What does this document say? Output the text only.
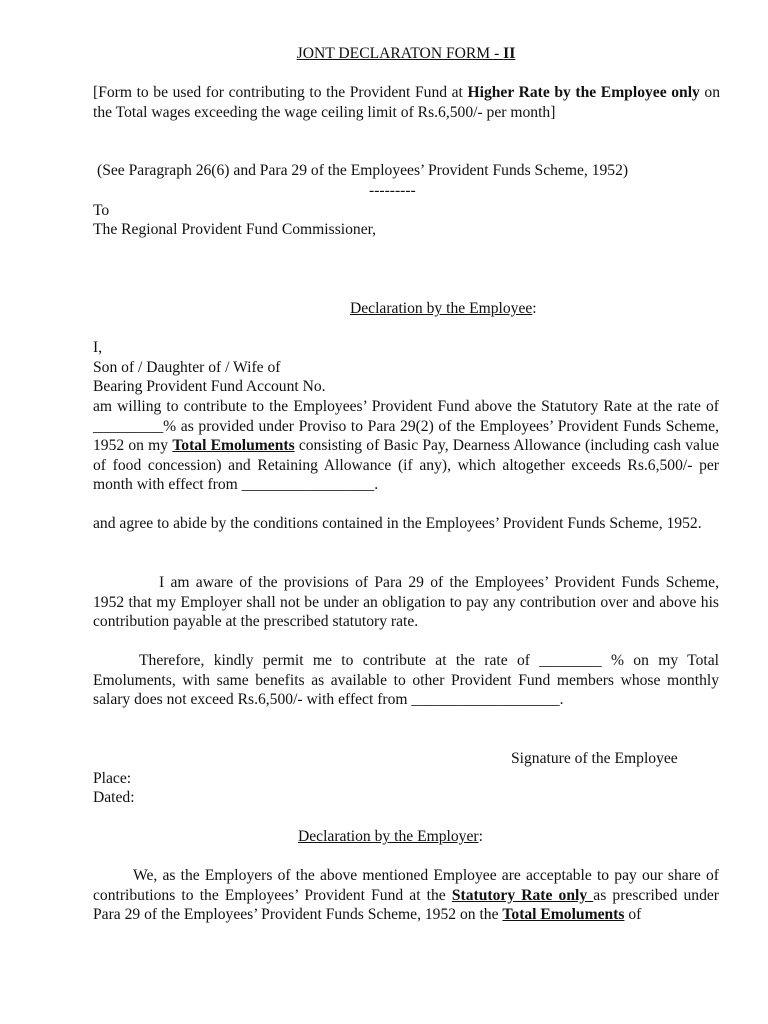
JONT DECLARATON FORM - II
[Form to be used for contributing to the Provident Fund at Higher Rate by the Employee only on the Total wages exceeding the wage ceiling limit of Rs.6,500/- per month]
(See Paragraph 26(6) and Para 29 of the Employees’ Provident Funds Scheme, 1952)
---------
To
The Regional Provident Fund Commissioner,
Declaration by the Employee:
I,
Son of / Daughter of / Wife of
Bearing Provident Fund Account No.
am willing to contribute to the Employees’ Provident Fund above the Statutory Rate at the rate of _________% as provided under Proviso to Para 29(2) of the Employees’ Provident Funds Scheme, 1952 on my Total Emoluments consisting of Basic Pay, Dearness Allowance (including cash value of food concession) and Retaining Allowance (if any), which altogether exceeds Rs.6,500/- per month with effect from _________________.
and agree to abide by the conditions contained in the Employees’ Provident Funds Scheme, 1952.
I am aware of the provisions of Para 29 of the Employees’ Provident Funds Scheme, 1952 that my Employer shall not be under an obligation to pay any contribution over and above his contribution payable at the prescribed statutory rate.
Therefore, kindly permit me to contribute at the rate of ________ % on my Total Emoluments, with same benefits as available to other Provident Fund members whose monthly salary does not exceed Rs.6,500/- with effect from ___________________.
Signature of the Employee
Place:
Dated:
Declaration by the Employer:
We, as the Employers of the above mentioned Employee are acceptable to pay our share of contributions to the Employees’ Provident Fund at the Statutory Rate only as prescribed under Para 29 of the Employees’ Provident Funds Scheme, 1952 on the Total Emoluments of
